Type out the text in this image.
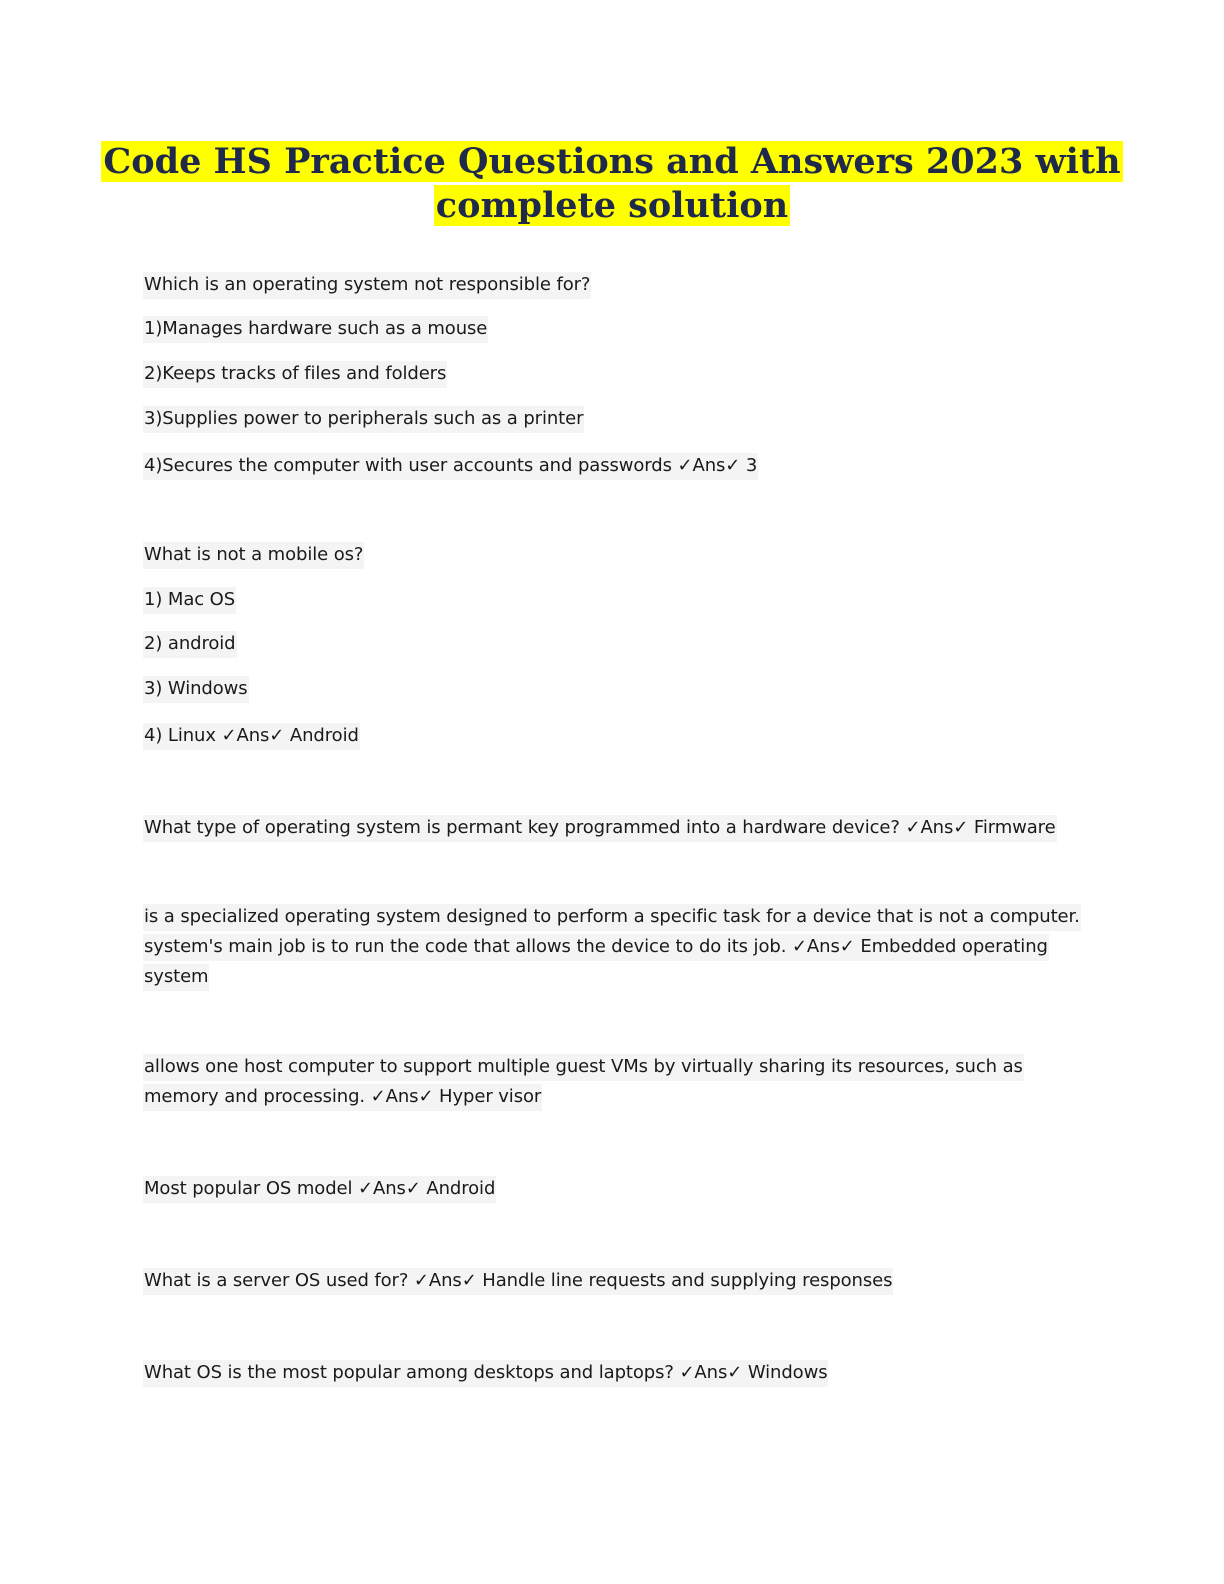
Code HS Practice Questions and Answers 2023 with
complete solution
Which is an operating system not responsible for?
1)Manages hardware such as a mouse
2)Keeps tracks of files and folders
3)Supplies power to peripherals such as a printer
4)Secures the computer with user accounts and passwords ✓Ans✓ 3
What is not a mobile os?
1) Mac OS
2) android
3) Windows
4) Linux ✓Ans✓ Android
What type of operating system is permant key programmed into a hardware device? ✓Ans✓ Firmware
is a specialized operating system designed to perform a specific task for a device that is not a computer.
system's main job is to run the code that allows the device to do its job. ✓Ans✓ Embedded operating
system
allows one host computer to support multiple guest VMs by virtually sharing its resources, such as
memory and processing. ✓Ans✓ Hyper visor
Most popular OS model ✓Ans✓ Android
What is a server OS used for? ✓Ans✓ Handle line requests and supplying responses
What OS is the most popular among desktops and laptops? ✓Ans✓ Windows
